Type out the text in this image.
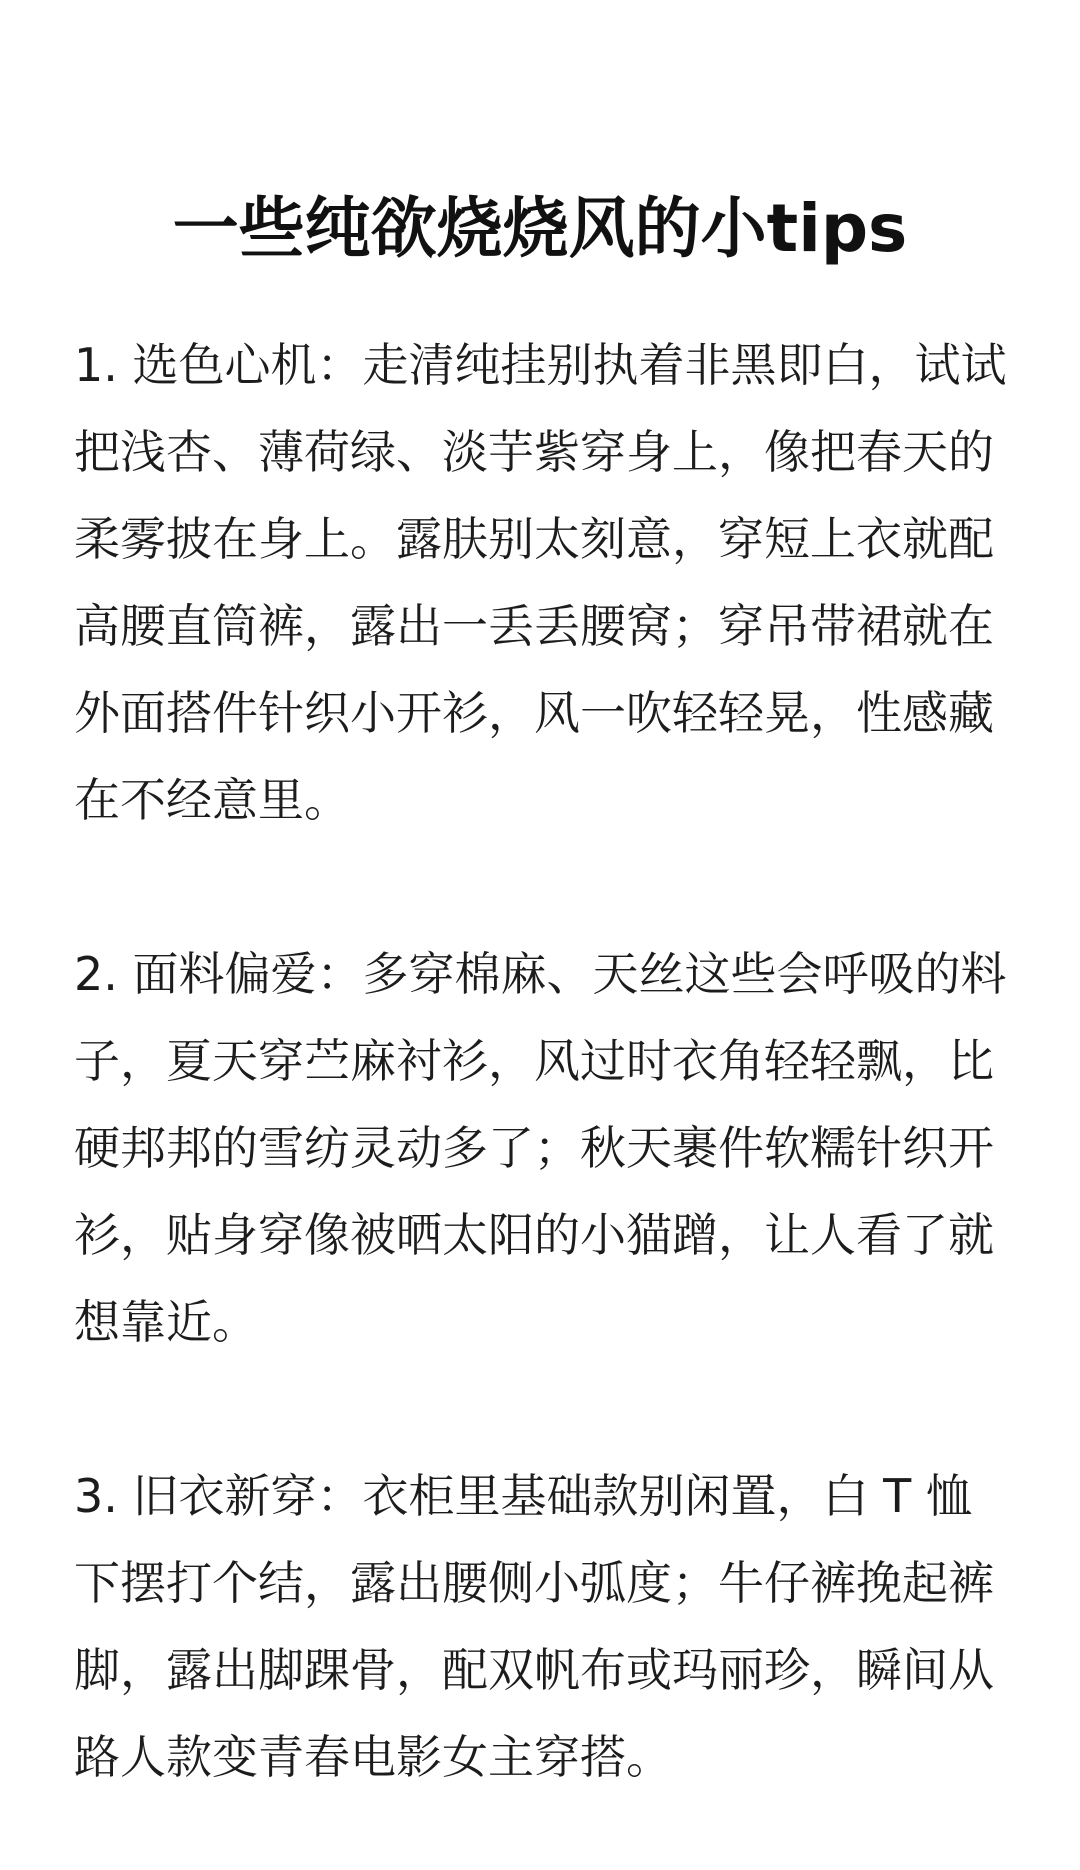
一些纯欲烧烧风的小tips

1. 选色心机：走清纯挂别执着非黑即白，试试把浅杏、薄荷绿、淡芋紫穿身上，像把春天的柔雾披在身上。露肤别太刻意，穿短上衣就配高腰直筒裤，露出一丢丢腰窝；穿吊带裙就在外面搭件针织小开衫，风一吹轻轻晃，性感藏在不经意里。

2. 面料偏爱：多穿棉麻、天丝这些会呼吸的料子，夏天穿苎麻衬衫，风过时衣角轻轻飘，比硬邦邦的雪纺灵动多了；秋天裹件软糯针织开衫，贴身穿像被晒太阳的小猫蹭，让人看了就想靠近。

3. 旧衣新穿：衣柜里基础款别闲置，白 T 恤下摆打个结，露出腰侧小弧度；牛仔裤挽起裤脚，露出脚踝骨，配双帆布或玛丽珍，瞬间从路人款变青春电影女主穿搭。
